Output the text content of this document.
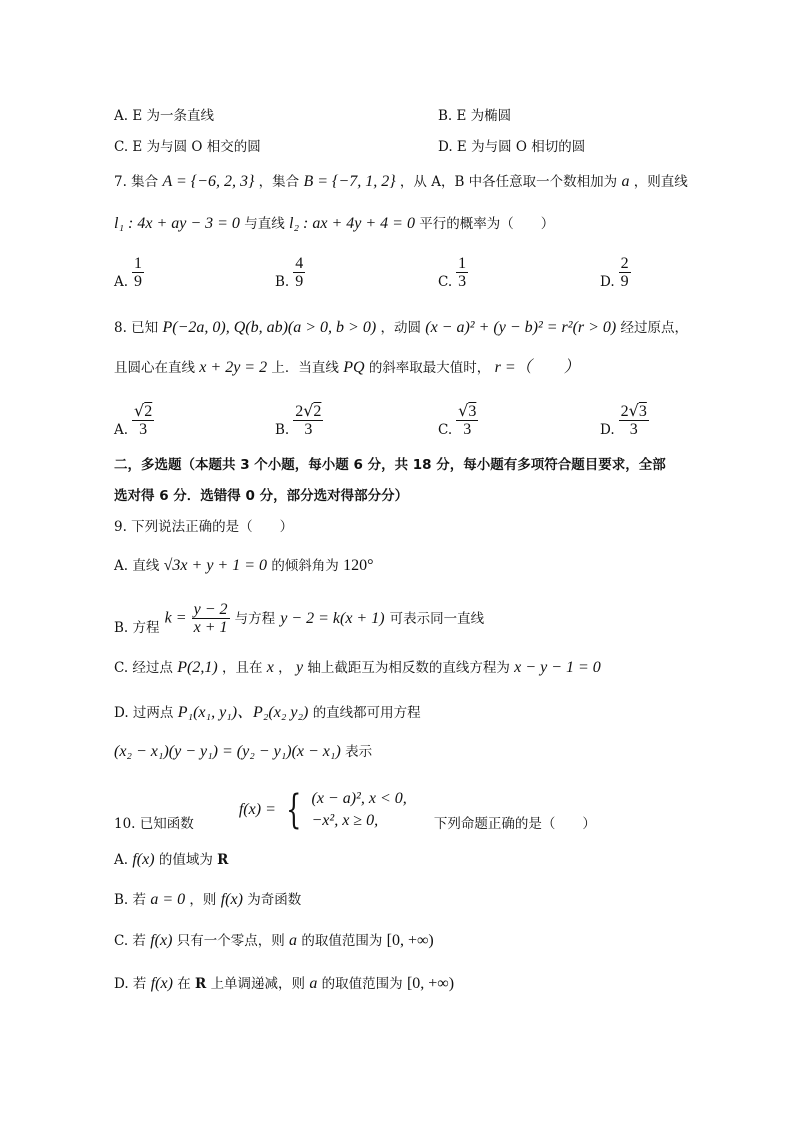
A. E 为一条直线	B. E 为椭圆
C. E 为与圆 O 相交的圆	D. E 为与圆 O 相切的圆
7. 集合 A = {−6, 2, 3} ，集合 B = {−7, 1, 2} ，从 A，B 中各任意取一个数相加为 a ，则直线
l₁ : 4x + ay − 3 = 0 与直线 l₂ : ax + 4y + 4 = 0 平行的概率为（　　）
A. $\frac{1}{9}$	B. $\frac{4}{9}$	C. $\frac{1}{3}$	D. $\frac{2}{9}$
8. 已知 P(−2a, 0), Q(b, ab)(a > 0, b > 0) ，动圆 (x − a)² + (y − b)² = r²(r > 0) 经过原点，
且圆心在直线 x + 2y = 2 上．当直线 PQ 的斜率取最大值时， r =（　　）
A. $\frac{√2}{3}$	B. $\frac{2√2}{3}$	C. $\frac{√3}{3}$	D. $\frac{2√3}{3}$
二，多选题（本题共 3 个小题，每小题 6 分，共 18 分，每小题有多项符合题目要求，全部
选对得 6 分．选错得 0 分，部分选对得部分分）
9. 下列说法正确的是（　　）
A. 直线 √3x + y + 1 = 0 的倾斜角为 120°
B. 方程 $k = \frac{y - 2}{x + 1}$ 与方程 y − 2 = k(x + 1) 可表示同一直线
C. 经过点 P(2,1) ，且在 x ， y 轴上截距互为相反数的直线方程为 x − y − 1 = 0
D. 过两点 P₁(x₁, y₁)、P₂(x₂ y₂) 的直线都可用方程
(x₂ − x₁)(y − y₁) = (y₂ − y₁)(x − x₁) 表示
10. 已知函数 f(x) = { (x − a)², x < 0,
−x², x ≥ 0,	下列命题正确的是（　　）
A. f(x) 的值域为 R
B. 若 a = 0 ，则 f(x) 为奇函数
C. 若 f(x) 只有一个零点，则 a 的取值范围为 [0, +∞)
D. 若 f(x) 在 R 上单调递减，则 a 的取值范围为 [0, +∞)
